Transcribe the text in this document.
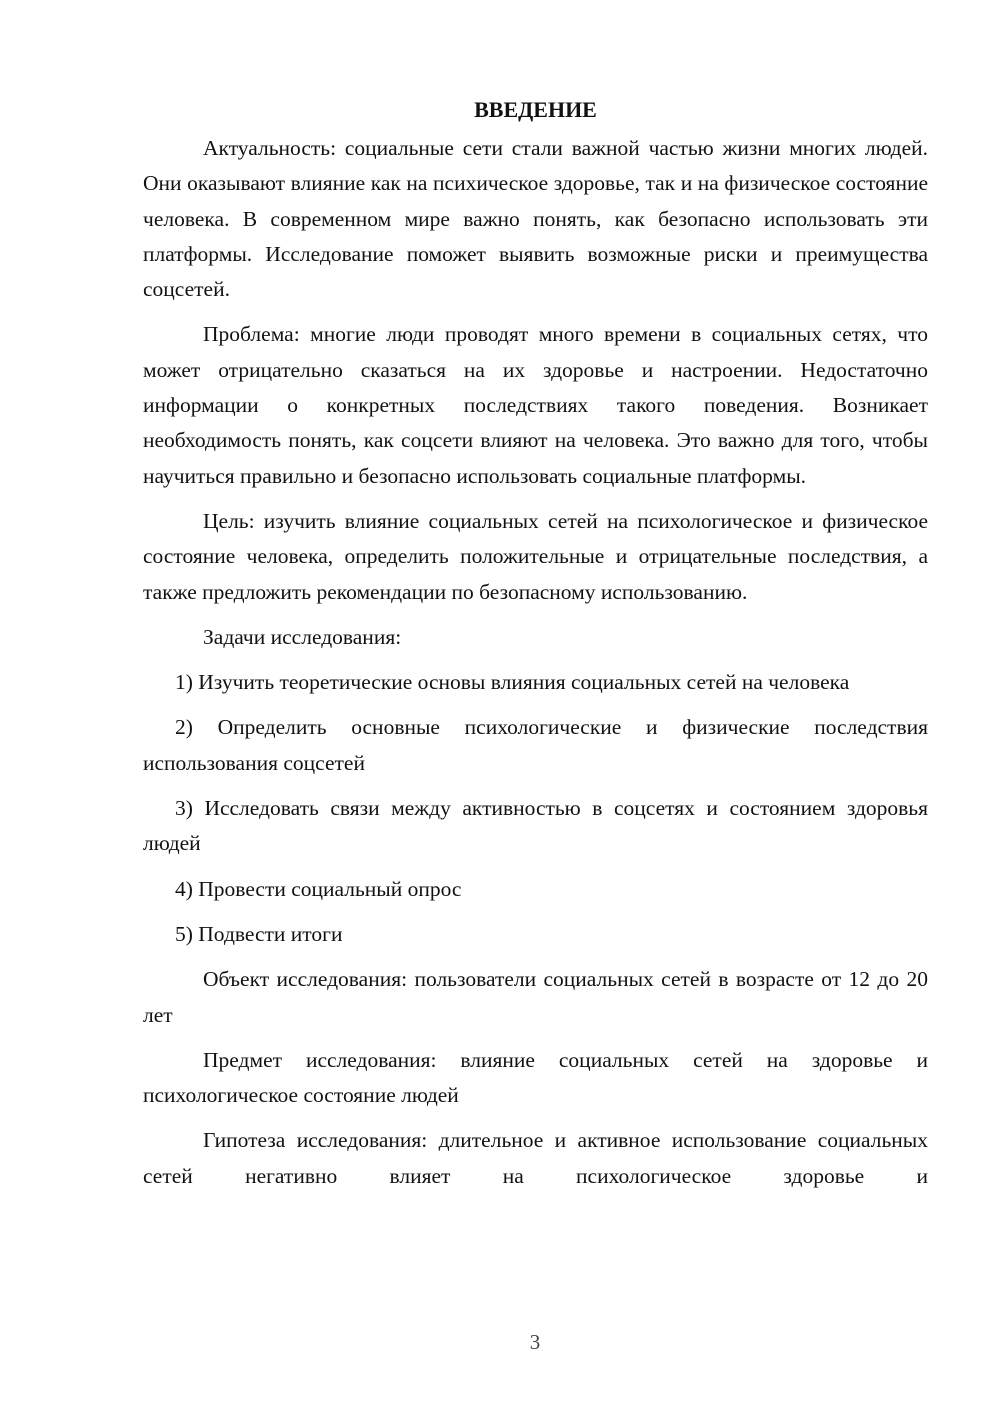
ВВЕДЕНИЕ

Актуальность: социальные сети стали важной частью жизни многих людей. Они оказывают влияние как на психическое здоровье, так и на физическое состояние человека. В современном мире важно понять, как безопасно использовать эти платформы. Исследование поможет выявить возможные риски и преимущества соцсетей.

Проблема: многие люди проводят много времени в социальных сетях, что может отрицательно сказаться на их здоровье и настроении. Недостаточно информации о конкретных последствиях такого поведения. Возникает необходимость понять, как соцсети влияют на человека. Это важно для того, чтобы научиться правильно и безопасно использовать социальные платформы.

Цель: изучить влияние социальных сетей на психологическое и физическое состояние человека, определить положительные и отрицательные последствия, а также предложить рекомендации по безопасному использованию.

Задачи исследования:

1) Изучить теоретические основы влияния социальных сетей на человека

2) Определить основные психологические и физические последствия использования соцсетей

3) Исследовать связи между активностью в соцсетях и состоянием здоровья людей

4) Провести социальный опрос

5) Подвести итоги

Объект исследования: пользователи социальных сетей в возрасте от 12 до 20 лет

Предмет исследования: влияние социальных сетей на здоровье и психологическое состояние людей

Гипотеза исследования: длительное и активное использование социальных сетей негативно влияет на психологическое здоровье и

3
